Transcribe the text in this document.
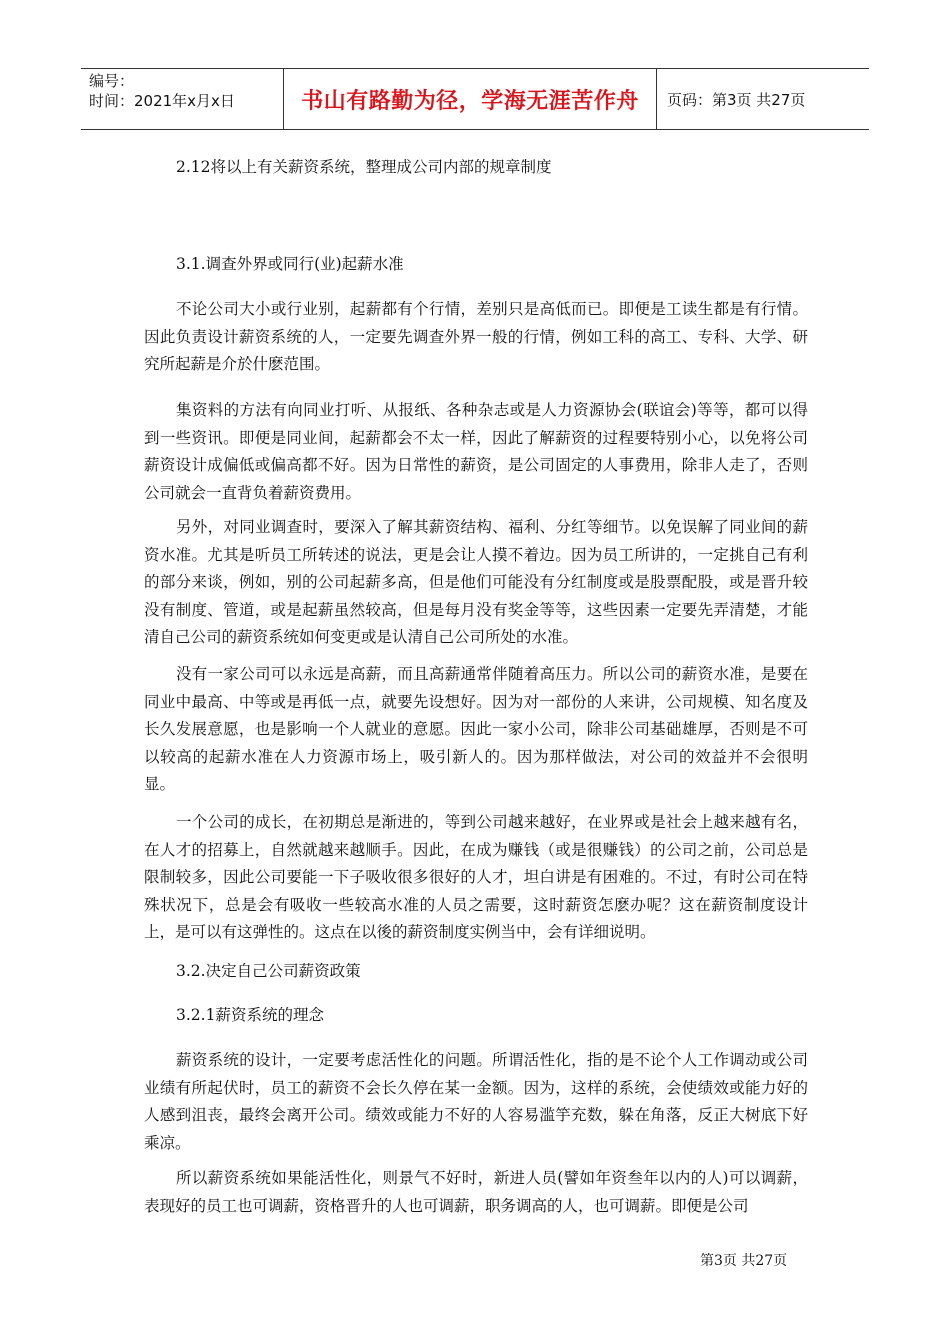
编号：
时间：2021年x月x日	书山有路勤为径，学海无涯苦作舟	页码：第3页 共27页

2.12将以上有关薪资系统，整理成公司内部的规章制度

3.1.调查外界或同行(业)起薪水准

不论公司大小或行业别，起薪都有个行情，差别只是高低而已。即便是工读生都是有行情。因此负责设计薪资系统的人，一定要先调查外界一般的行情，例如工科的高工、专科、大学、研究所起薪是介於什麽范围。

集资料的方法有向同业打听、从报纸、各种杂志或是人力资源协会(联谊会)等等，都可以得到一些资讯。即便是同业间，起薪都会不太一样，因此了解薪资的过程要特别小心，以免将公司薪资设计成偏低或偏高都不好。因为日常性的薪资，是公司固定的人事费用，除非人走了，否则公司就会一直背负着薪资费用。

另外，对同业调查时，要深入了解其薪资结构、福利、分红等细节。以免误解了同业间的薪资水准。尤其是听员工所转述的说法，更是会让人摸不着边。因为员工所讲的，一定挑自己有利的部分来谈，例如，别的公司起薪多高，但是他们可能没有分红制度或是股票配股，或是晋升较没有制度、管道，或是起薪虽然较高，但是每月没有奖金等等，这些因素一定要先弄清楚，才能清自己公司的薪资系统如何变更或是认清自己公司所处的水准。

没有一家公司可以永远是高薪，而且高薪通常伴随着高压力。所以公司的薪资水准，是要在同业中最高、中等或是再低一点，就要先设想好。因为对一部份的人来讲，公司规模、知名度及长久发展意愿，也是影响一个人就业的意愿。因此一家小公司，除非公司基础雄厚，否则是不可以较高的起薪水准在人力资源市场上，吸引新人的。因为那样做法，对公司的效益并不会很明显。

一个公司的成长，在初期总是渐进的，等到公司越来越好，在业界或是社会上越来越有名，在人才的招募上，自然就越来越顺手。因此，在成为赚钱（或是很赚钱）的公司之前，公司总是限制较多，因此公司要能一下子吸收很多很好的人才，坦白讲是有困难的。不过，有时公司在特殊状况下，总是会有吸收一些较高水准的人员之需要，这时薪资怎麽办呢？这在薪资制度设计上，是可以有这弹性的。这点在以後的薪资制度实例当中，会有详细说明。

3.2.决定自己公司薪资政策

3.2.1薪资系统的理念

薪资系统的设计，一定要考虑活性化的问题。所谓活性化，指的是不论个人工作调动或公司业绩有所起伏时，员工的薪资不会长久停在某一金额。因为，这样的系统，会使绩效或能力好的人感到沮丧，最终会离开公司。绩效或能力不好的人容易滥竽充数，躲在角落，反正大树底下好乘凉。

所以薪资系统如果能活性化，则景气不好时，新进人员(譬如年资叁年以内的人)可以调薪，表现好的员工也可调薪，资格晋升的人也可调薪，职务调高的人，也可调薪。即便是公司

第3页 共27页
